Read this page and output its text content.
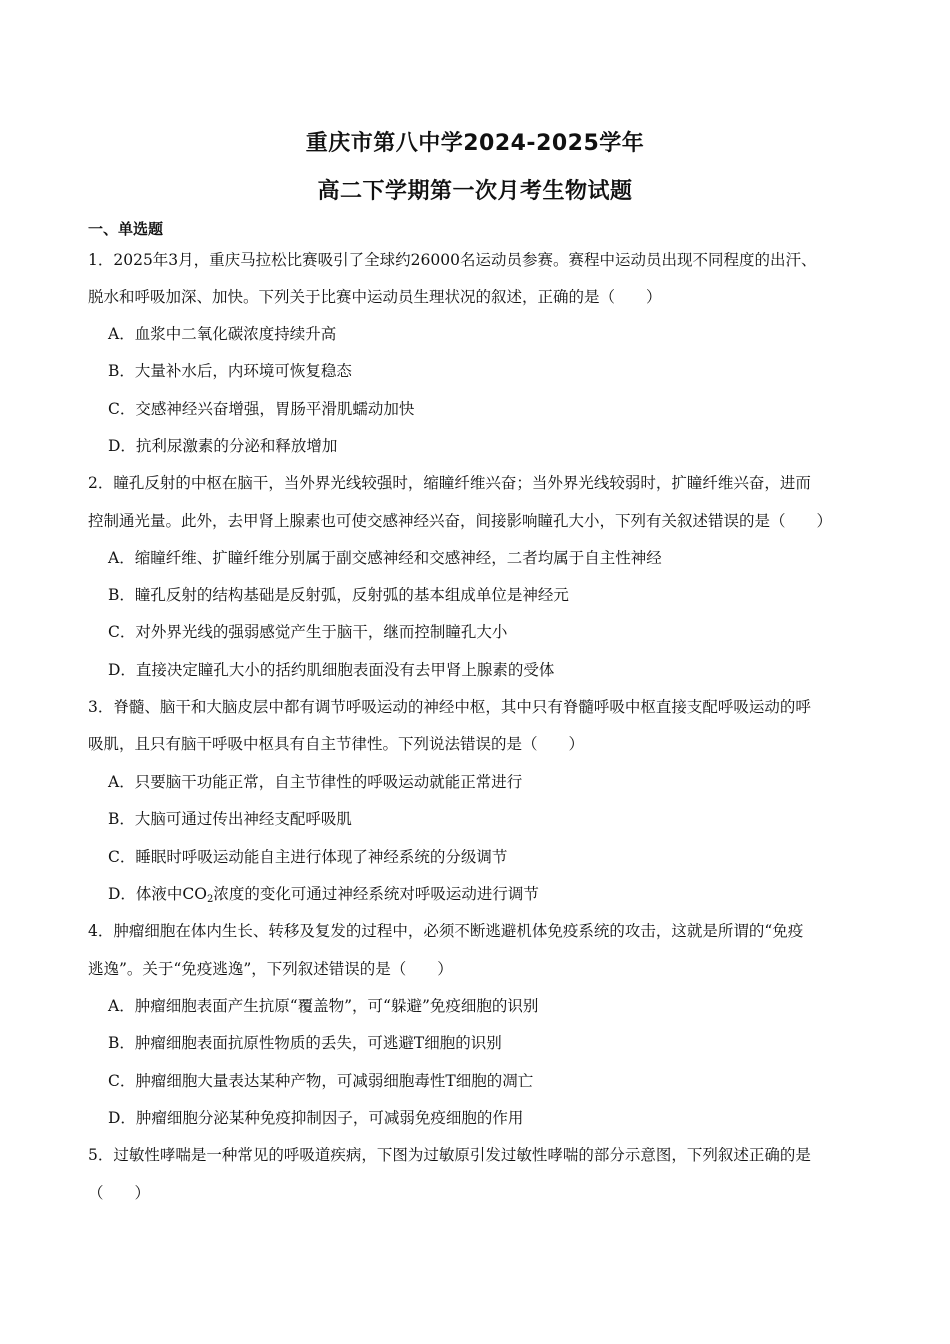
重庆市第八中学2024-2025学年
高二下学期第一次月考生物试题
一、单选题
1．2025年3月，重庆马拉松比赛吸引了全球约26000名运动员参赛。赛程中运动员出现不同程度的出汗、
脱水和呼吸加深、加快。下列关于比赛中运动员生理状况的叙述，正确的是（　　）
A．血浆中二氧化碳浓度持续升高
B．大量补水后，内环境可恢复稳态
C．交感神经兴奋增强，胃肠平滑肌蠕动加快
D．抗利尿激素的分泌和释放增加
2．瞳孔反射的中枢在脑干，当外界光线较强时，缩瞳纤维兴奋；当外界光线较弱时，扩瞳纤维兴奋，进而
控制通光量。此外，去甲肾上腺素也可使交感神经兴奋，间接影响瞳孔大小，下列有关叙述错误的是（　　）
A．缩瞳纤维、扩瞳纤维分别属于副交感神经和交感神经，二者均属于自主性神经
B．瞳孔反射的结构基础是反射弧，反射弧的基本组成单位是神经元
C．对外界光线的强弱感觉产生于脑干，继而控制瞳孔大小
D．直接决定瞳孔大小的括约肌细胞表面没有去甲肾上腺素的受体
3．脊髓、脑干和大脑皮层中都有调节呼吸运动的神经中枢，其中只有脊髓呼吸中枢直接支配呼吸运动的呼
吸肌，且只有脑干呼吸中枢具有自主节律性。下列说法错误的是（　　）
A．只要脑干功能正常，自主节律性的呼吸运动就能正常进行
B．大脑可通过传出神经支配呼吸肌
C．睡眠时呼吸运动能自主进行体现了神经系统的分级调节
D．体液中$CO_2$浓度的变化可通过神经系统对呼吸运动进行调节
4．肿瘤细胞在体内生长、转移及复发的过程中，必须不断逃避机体免疫系统的攻击，这就是所谓的“免疫
逃逸”。关于“免疫逃逸”，下列叙述错误的是（　　）
A．肿瘤细胞表面产生抗原“覆盖物”，可“躲避”免疫细胞的识别
B．肿瘤细胞表面抗原性物质的丢失，可逃避T细胞的识别
C．肿瘤细胞大量表达某种产物，可减弱细胞毒性T细胞的凋亡
D．肿瘤细胞分泌某种免疫抑制因子，可减弱免疫细胞的作用
5．过敏性哮喘是一种常见的呼吸道疾病，下图为过敏原引发过敏性哮喘的部分示意图，下列叙述正确的是
（　　）
